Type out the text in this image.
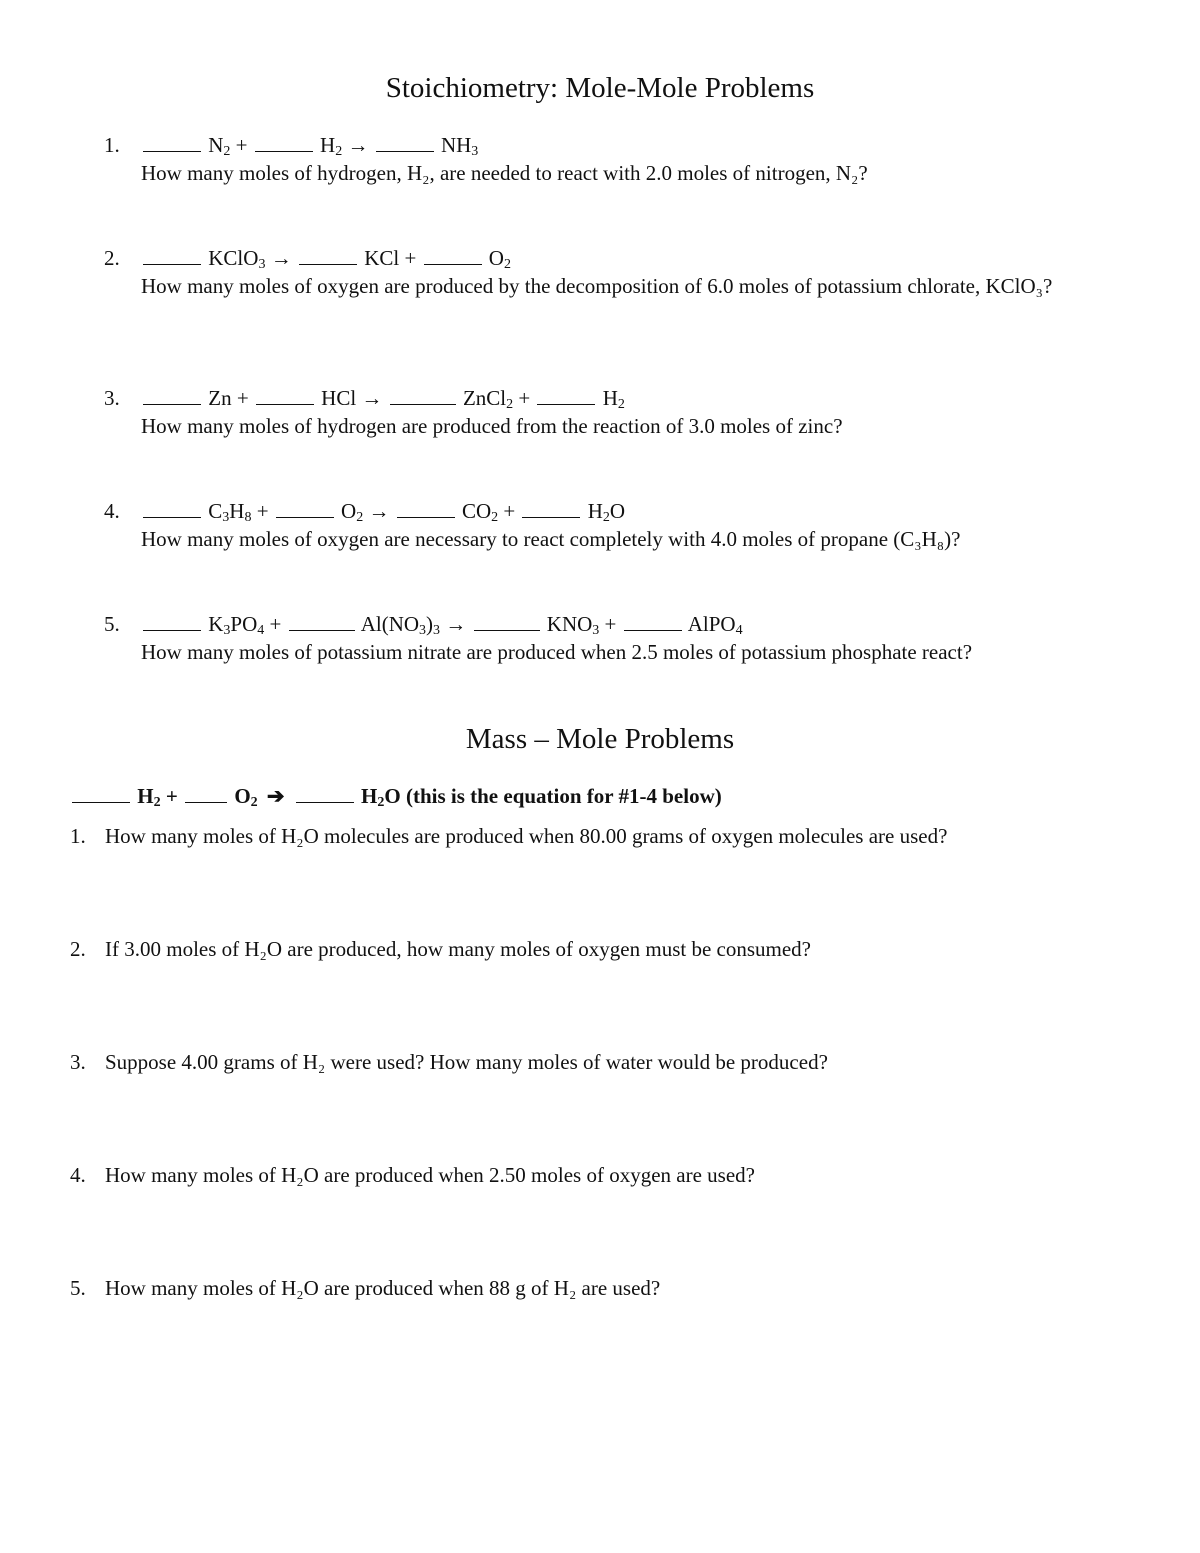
Stoichiometry: Mole-Mole Problems
1.	$N_2$ +	$H_2$ →	$NH_3$
How many moles of hydrogen, H₂, are needed to react with 2.0 moles of nitrogen, N₂?
2.	KClO$_3$ →	KCl +	$O_2$
How many moles of oxygen are produced by the decomposition of 6.0 moles of potassium chlorate, KClO₃?
3.	Zn +	HCl →	ZnCl$_2$ +	$H_2$
How many moles of hydrogen are produced from the reaction of 3.0 moles of zinc?
4.	$C_3H_8$ +	$O_2$ →	$CO_2$ +	$H_2O$
How many moles of oxygen are necessary to react completely with 4.0 moles of propane (C₃H₈)?
5.	$K_3PO_4$ +	$Al(NO_3)_3$ →	$KNO_3$ +	AlPO$_4$
How many moles of potassium nitrate are produced when 2.5 moles of potassium phosphate react?
Mass – Mole Problems
$H_2 + O_2$ ➔	$H_2O$ (this is the equation for #1-4 below)
1. How many moles of H₂O molecules are produced when 80.00 grams of oxygen molecules are used?
2. If 3.00 moles of H₂O are produced, how many moles of oxygen must be consumed?
3. Suppose 4.00 grams of H₂ were used? How many moles of water would be produced?
4. How many moles of H₂O are produced when 2.50 moles of oxygen are used?
5. How many moles of H₂O are produced when 88 g of H₂ are used?
